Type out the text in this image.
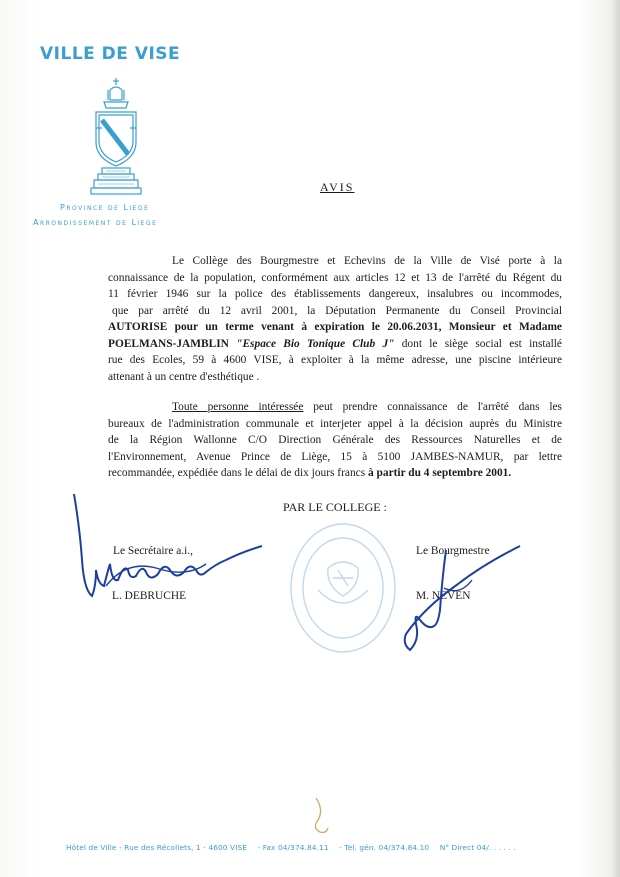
VILLE DE VISE
Province de Liege
Arrondissement de Liege
AVIS
Le Collège des Bourgmestre et Echevins de la Ville de Visé porte à la
connaissance de la population, conformément aux articles 12 et 13 de l'arrêté du Régent du
11 février 1946 sur la police des établissements dangereux, insalubres ou incommodes,
que par arrêté du 12 avril 2001, la Députation Permanente du Conseil Provincial
AUTORISE pour un terme venant à expiration le 20.06.2031, Monsieur et Madame
POELMANS-JAMBLIN "Espace Bio Tonique Club J" dont le siège social est installé
rue des Ecoles, 59 à 4600 VISE, à exploiter à la même adresse, une piscine intérieure
attenant à un centre d'esthétique .
Toute personne intéressée peut prendre connaissance de l'arrêté dans les
bureaux de l'administration communale et interjeter appel à la décision auprès du Ministre
de la Région Wallonne C/O Direction Générale des Ressources Naturelles et de
l'Environnement, Avenue Prince de Liège, 15 à 5100 JAMBES-NAMUR, par lettre
recommandée, expédiée dans le délai de dix jours francs à partir du 4 septembre 2001.
PAR LE COLLEGE :
Le Secrétaire a.i.,
L. DEBRUCHE
Le Bourgmestre
M. NEVEN
Hôtel de Ville - Rue des Récollets, 1 - 4600 VISE - Fax 04/374.84.11 - Tel. gén. 04/374.84.10 N° Direct 04/. . . . . .
